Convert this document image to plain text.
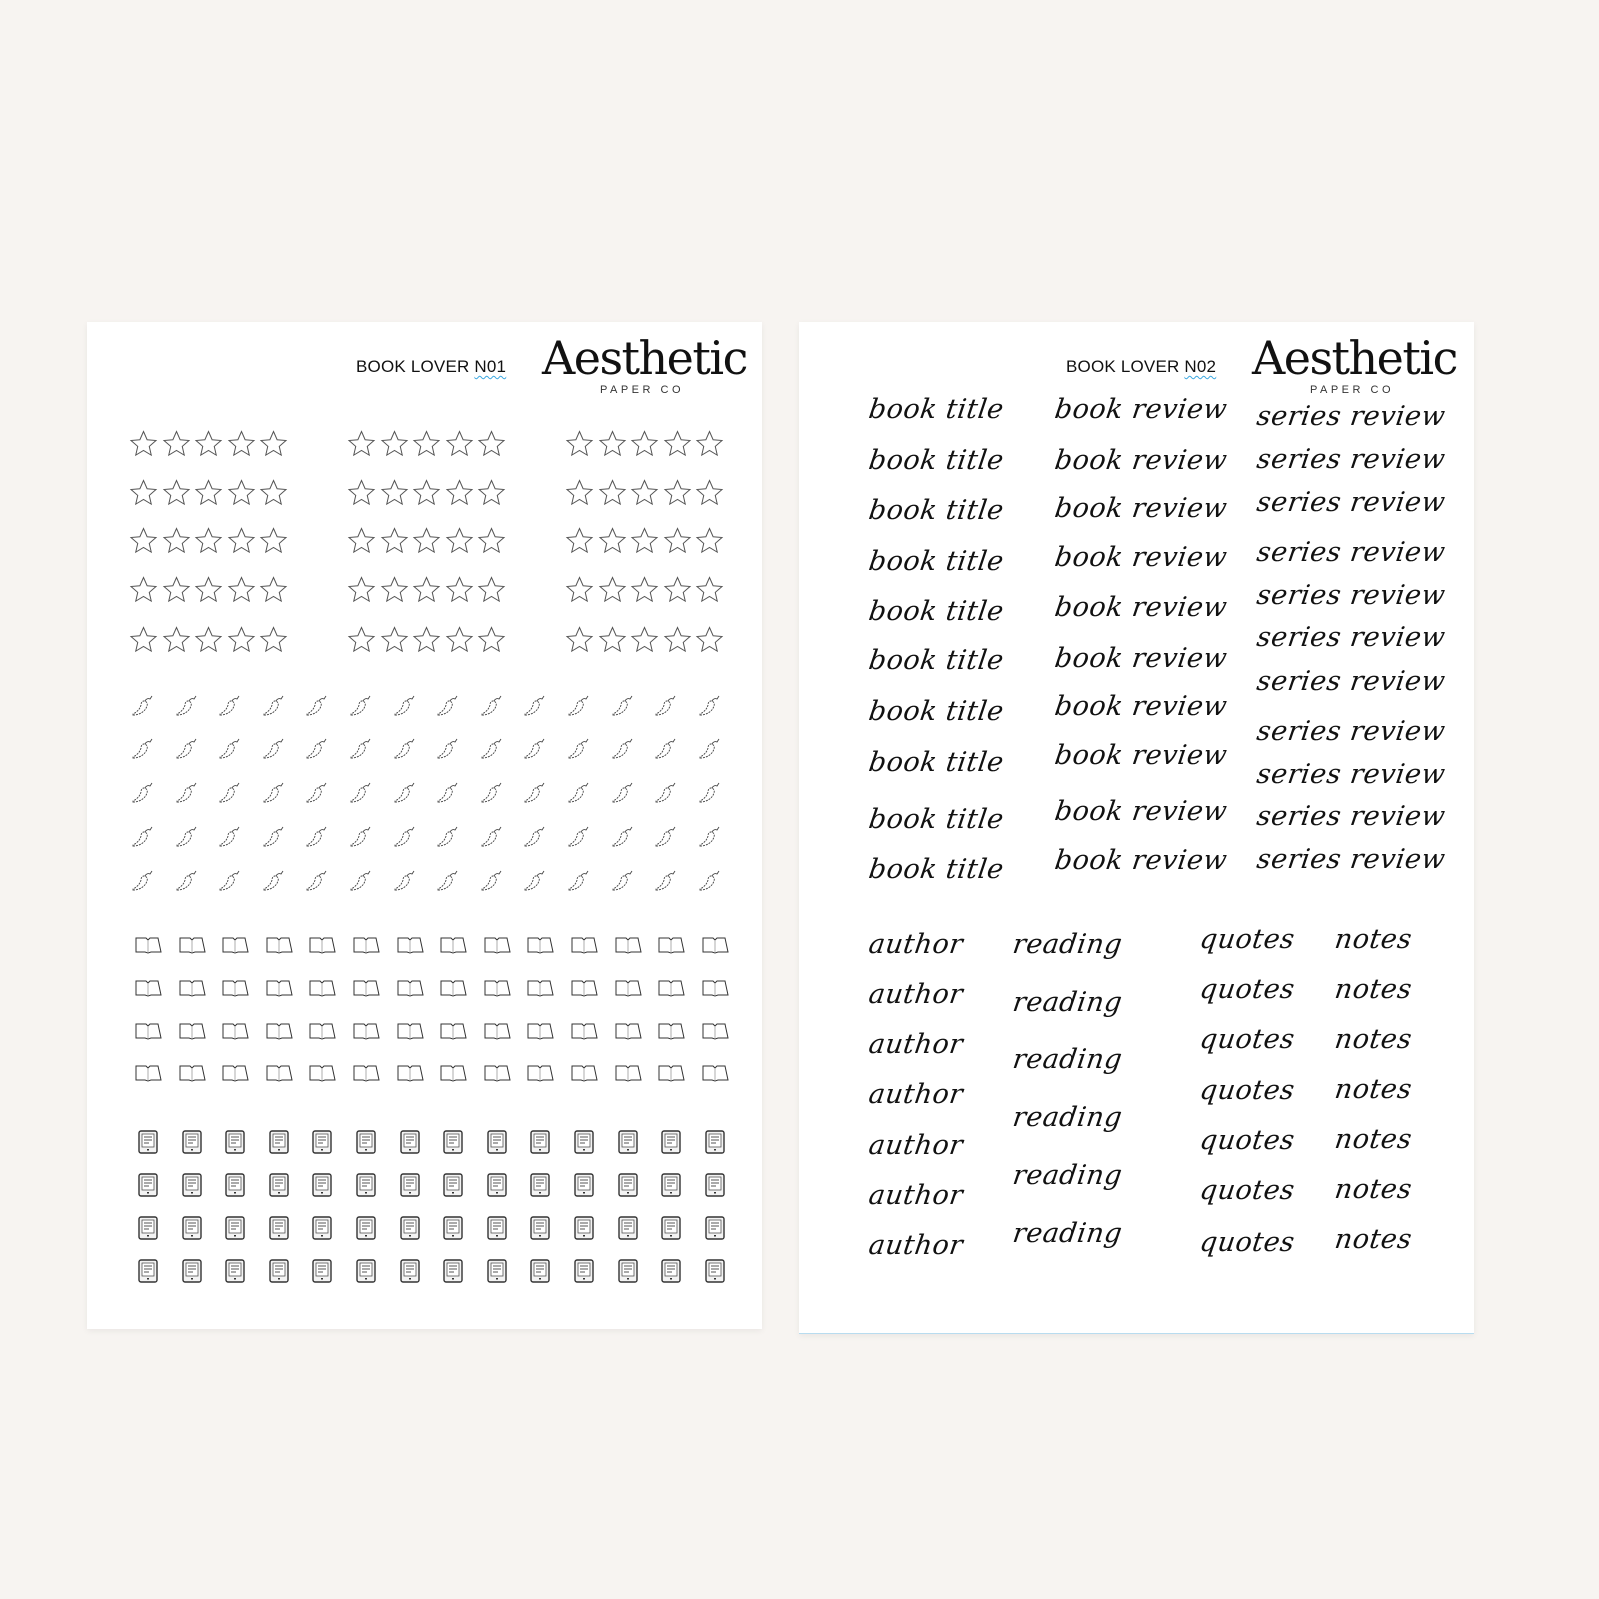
BOOK LOVER N01 Aesthetic
PAPER CO
BOOK LOVER N02 Aesthetic
PAPER CO
book title
book title
book title
book title
book title
book title
book title
book title
book title
book title
book review
book review
book review
book review
book review
book review
book review
book review
book review
book review
series review
series review
series review
series review
series review
series review
series review
series review
series review
series review
series review
author
author
author
author
author
author
author
reading
reading
reading
reading
reading
reading
quotes
quotes
quotes
quotes
quotes
quotes
quotes
notes
notes
notes
notes
notes
notes
notes
